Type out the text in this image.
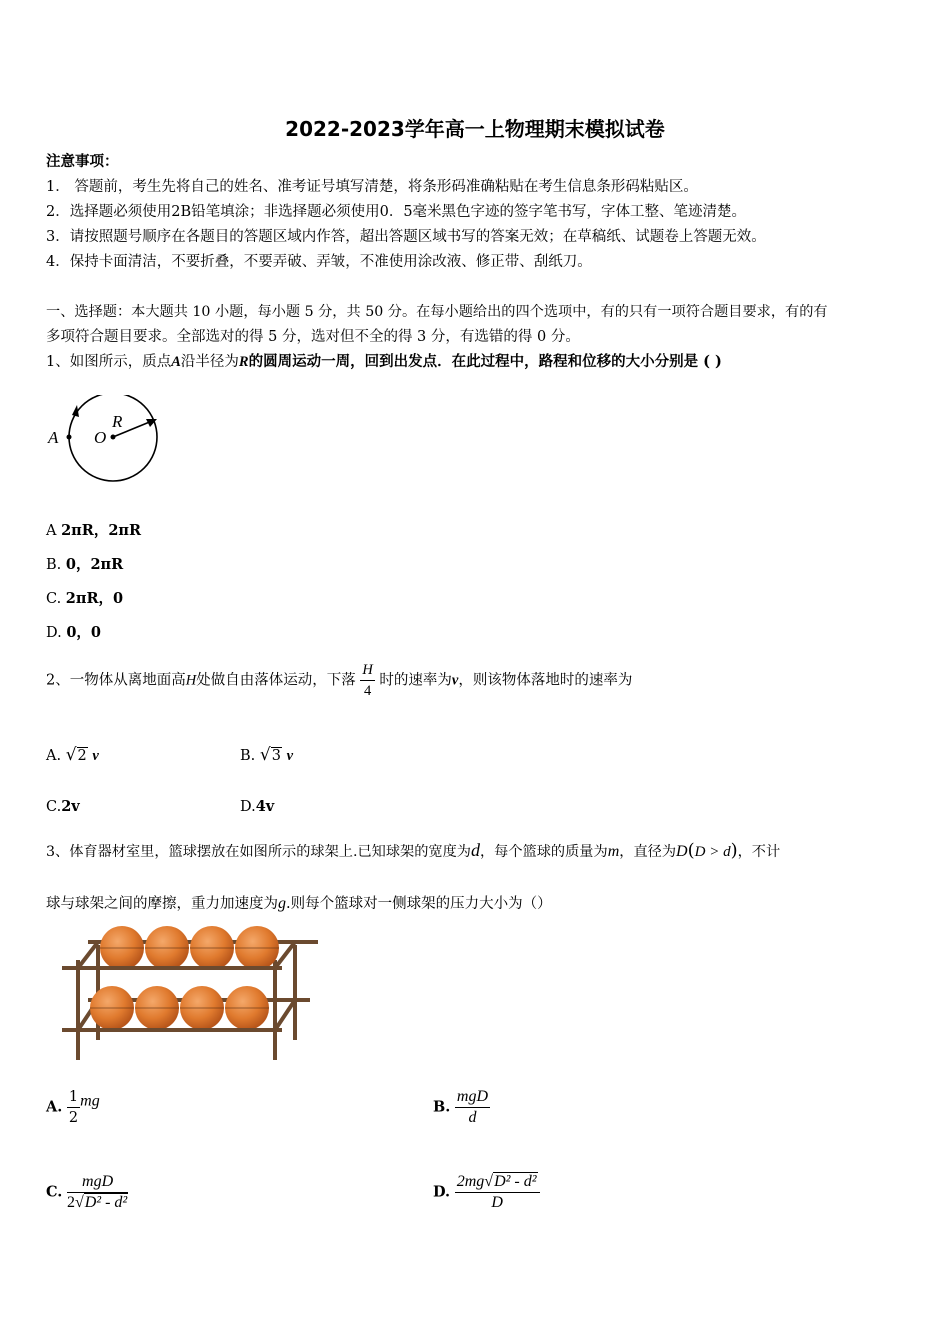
2022-2023学年高一上物理期末模拟试卷
注意事项：
1． 答题前，考生先将自己的姓名、准考证号填写清楚，将条形码准确粘贴在考生信息条形码粘贴区。
2．选择题必须使用2B铅笔填涂；非选择题必须使用0．5毫米黑色字迹的签字笔书写，字体工整、笔迹清楚。
3．请按照题号顺序在各题目的答题区域内作答，超出答题区域书写的答案无效；在草稿纸、试题卷上答题无效。
4．保持卡面清洁，不要折叠，不要弄破、弄皱，不准使用涂改液、修正带、刮纸刀。
一、选择题：本大题共 10 小题，每小题 5 分，共 50 分。在每小题给出的四个选项中，有的只有一项符合题目要求，有的有
多项符合题目要求。全部选对的得 5 分，选对但不全的得 3 分，有选错的得 0 分。
1、如图所示，质点A沿半径为R的圆周运动一周，回到出发点．在此过程中，路程和位移的大小分别是 ( )
A O
R
A 2πR，2πR
B. 0，2πR
C. 2πR，0
D. 0，0
2、一物体从离地面高H处做自由落体运动，下落 $\frac{H}{4}$ 时的速率为v，则该物体落地时的速率为
A. √2 v	B. √3 v
C.2v	D.4v
3、体育器材室里，篮球摆放在如图所示的球架上.已知球架的宽度为d，每个篮球的质量为m，直径为D(D > d)，不计
球与球架之间的摩擦，重力加速度为g.则每个篮球对一侧球架的压力大小为（）
A. $\frac{1}{2}$ mg	B. $\frac{\text{mgD}}{d}$
C. $\frac{\text{mgD}}{\text{2√D² - d²}}$	D. $\frac{\text{2mg√D² - d²}}{D}$
